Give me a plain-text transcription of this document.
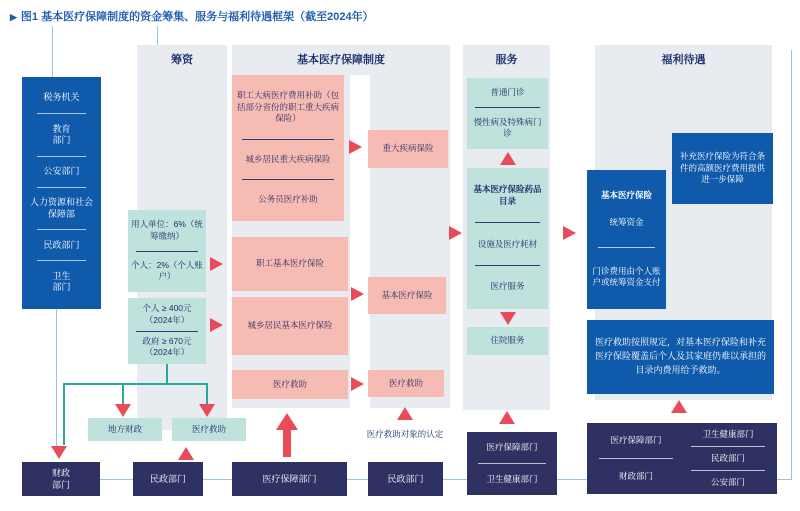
▶ 图1 基本医疗保障制度的资金筹集、服务与福利待遇框架（截至2024年）
筹资	基本医疗保障制度	服务	福利待遇
税务机关
教育部门
公安部门
人力资源和社会保障部
民政部门
卫生部门
用人单位：6%（统筹缴纳）
个人：2%（个人账户）
个人 ≥ 400元（2024年）
政府 ≥ 670元（2024年）
职工大病医疗费用补助（包括部分省份的职工重大疾病保险）
城乡居民重大疾病保险
公务员医疗补助
职工基本医疗保险
城乡居民基本医疗保险
医疗救助
重大疾病保险
基本医疗保险
医疗救助
普通门诊
慢性病及特殊病门诊
基本医疗保险药品目录
设施及医疗耗材
医疗服务
住院服务
补充医疗保险为符合条件的高额医疗费用提供进一步保障
基本医疗保险
统筹资金
门诊费用由个人账户或统筹资金支付
医疗救助按照规定，对基本医疗保险和补充医疗保险覆盖后个人及其家庭仍难以承担的目录内费用给予救助。
地方财政	医疗救助
财政部门
民政部门	医疗保障部门	民政部门
医疗保障部门
卫生健康部门
医疗保障部门
财政部门
卫生健康部门
民政部门
公安部门
医疗救助对象的认定
